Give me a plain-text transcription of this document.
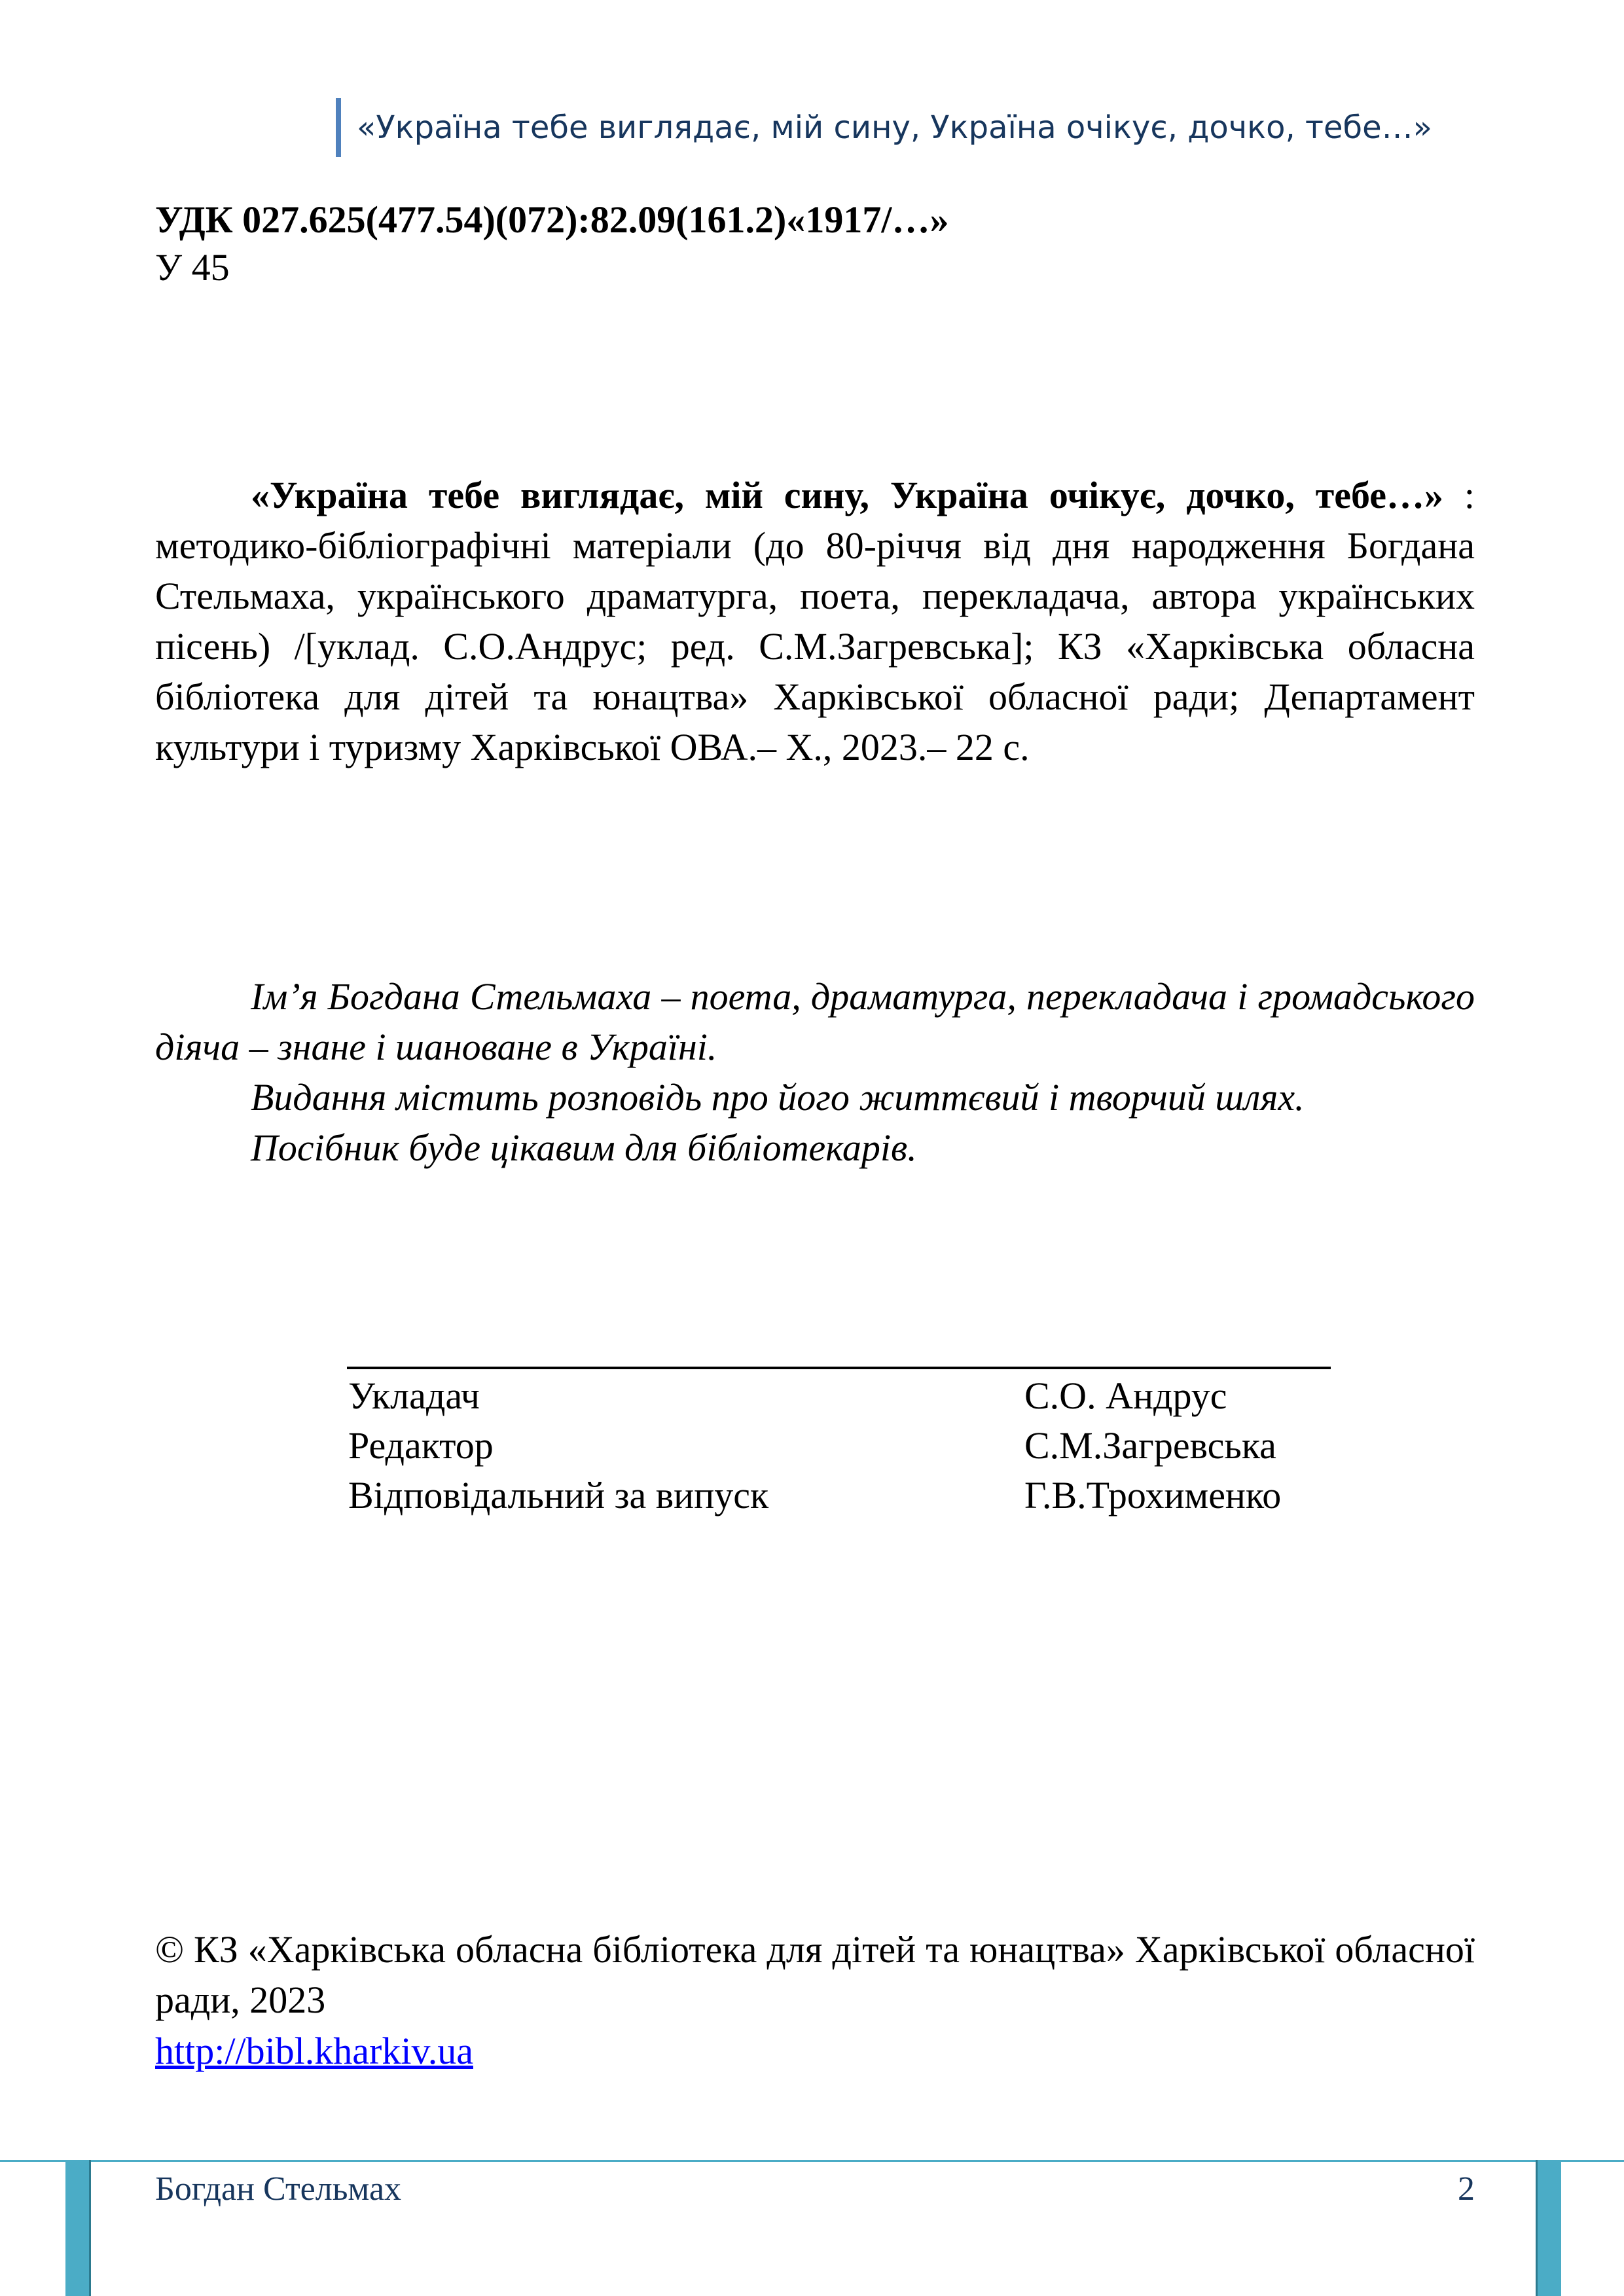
«Україна тебе виглядає, мій сину, Україна очікує, дочко, тебе…»
УДК 027.625(477.54)(072):82.09(161.2)«1917/…»
У 45
«Україна тебе виглядає, мій сину, Україна очікує, дочко, тебе…» : методико-бібліографічні матеріали (до 80-річчя від дня народження Богдана Стельмаха, українського драматурга, поета, перекладача, автора українських пісень) /[уклад. С.О.Андрус; ред. С.М.Загревська]; КЗ «Харківська обласна бібліотека для дітей та юнацтва» Харківської обласної ради; Департамент культури і туризму Харківської ОВА.– Х., 2023.– 22 с.

Ім’я Богдана Стельмаха – поета, драматурга, перекладача і громадського діяча – знане і шановане в Україні.

Видання містить розповідь про його життєвий і творчий шлях.

Посібник буде цікавим для бібліотекарів.

Укладач	С.О. Андрус
Редактор	С.М.Загревська
Відповідальний за випуск	Г.В.Трохименко
© КЗ «Харківська обласна бібліотека для дітей та юнацтва» Харківської обласної ради, 2023
http://bibl.kharkiv.ua
Богдан Стельмах	2
